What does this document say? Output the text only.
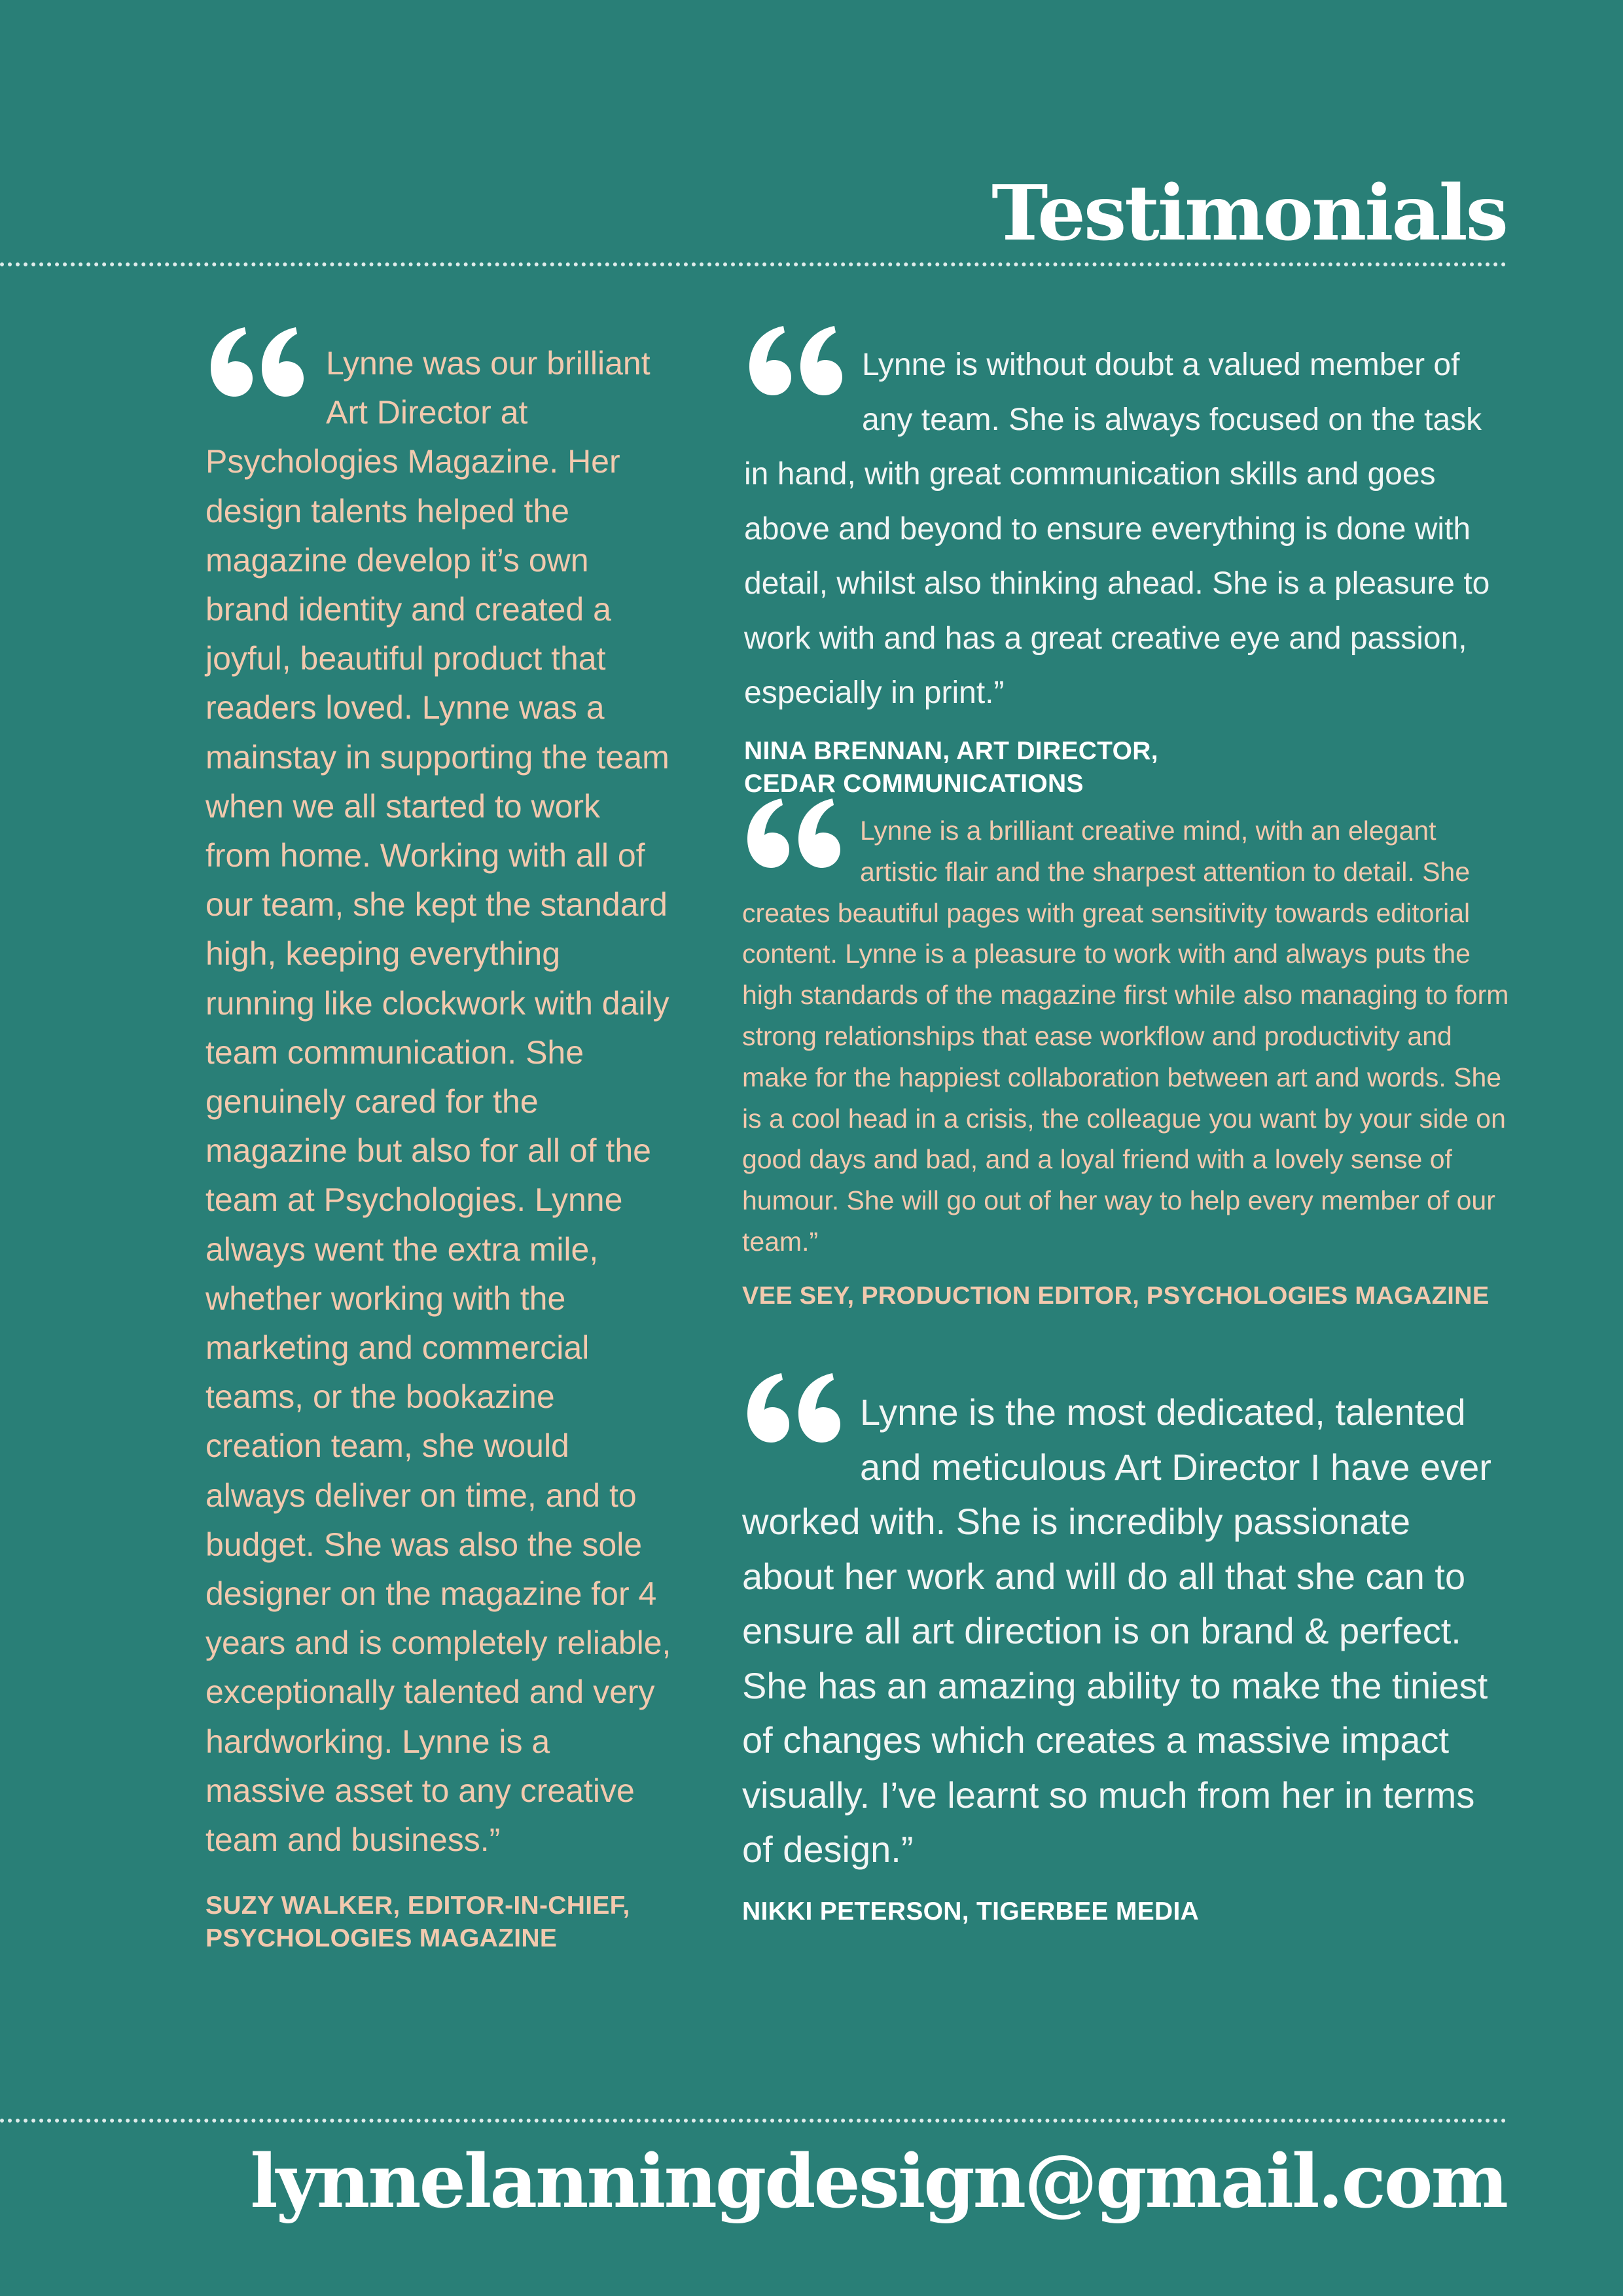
Testimonials

Lynne was our brilliant Art Director at Psychologies Magazine. Her design talents helped the magazine develop it’s own brand identity and created a joyful, beautiful product that readers loved. Lynne was a mainstay in supporting the team when we all started to work from home. Working with all of our team, she kept the standard high, keeping everything running like clockwork with daily team communication. She genuinely cared for the magazine but also for all of the team at Psychologies. Lynne always went the extra mile, whether working with the marketing and commercial teams, or the bookazine creation team, she would always deliver on time, and to budget. She was also the sole designer on the magazine for 4 years and is completely reliable, exceptionally talented and very hardworking. Lynne is a massive asset to any creative team and business.”

SUZY WALKER, EDITOR-IN-CHIEF,
PSYCHOLOGIES MAGAZINE

Lynne is without doubt a valued member of any team. She is always focused on the task in hand, with great communication skills and goes above and beyond to ensure everything is done with detail, whilst also thinking ahead. She is a pleasure to work with and has a great creative eye and passion, especially in print.”

NINA BRENNAN, ART DIRECTOR,
CEDAR COMMUNICATIONS

Lynne is a brilliant creative mind, with an elegant artistic flair and the sharpest attention to detail. She creates beautiful pages with great sensitivity towards editorial content. Lynne is a pleasure to work with and always puts the high standards of the magazine first while also managing to form strong relationships that ease workflow and productivity and make for the happiest collaboration between art and words. She is a cool head in a crisis, the colleague you want by your side on good days and bad, and a loyal friend with a lovely sense of humour. She will go out of her way to help every member of our team.”

VEE SEY, PRODUCTION EDITOR, PSYCHOLOGIES MAGAZINE

Lynne is the most dedicated, talented and meticulous Art Director I have ever worked with. She is incredibly passionate about her work and will do all that she can to ensure all art direction is on brand & perfect. She has an amazing ability to make the tiniest of changes which creates a massive impact visually. I’ve learnt so much from her in terms of design.”

NIKKI PETERSON, TIGERBEE MEDIA

lynnelanningdesign@gmail.com
